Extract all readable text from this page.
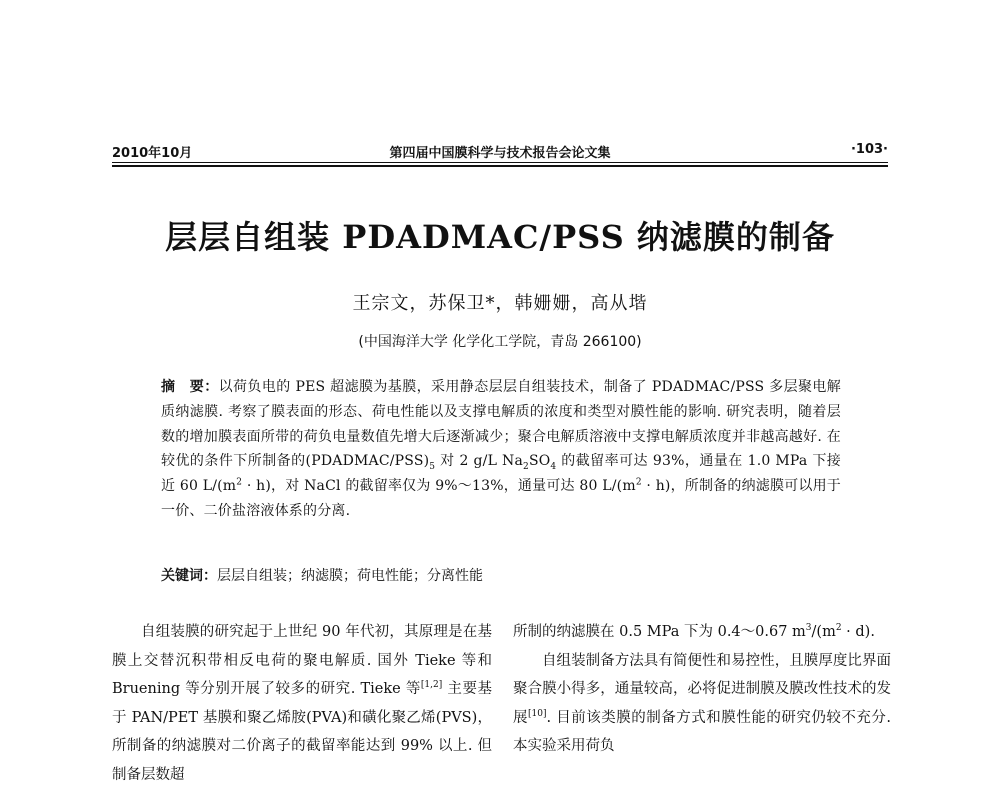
2010年10月	第四届中国膜科学与技术报告会论文集	·103·
层层自组装 PDADMAC/PSS 纳滤膜的制备
王宗文，苏保卫*，韩姗姗，高从堦
(中国海洋大学 化学化工学院，青岛 266100)
摘　要：以荷负电的 PES 超滤膜为基膜，采用静态层层自组装技术，制备了 PDADMAC/PSS 多层聚电解质纳滤膜. 考察了膜表面的形态、荷电性能以及支撑电解质的浓度和类型对膜性能的影响. 研究表明，随着层数的增加膜表面所带的荷负电量数值先增大后逐渐减少；聚合电解质溶液中支撑电解质浓度并非越高越好. 在较优的条件下所制备的$(PDADMAC/PSS)_5$ 对 2 g/L $Na_2SO_4$ 的截留率可达 93%，通量在 1.0 MPa 下接近 60 $L/(m^2 \cdot h)$，对 NaCl 的截留率仅为 9%～13%，通量可达 80 $L/(m^2 \cdot h)$，所制备的纳滤膜可以用于一价、二价盐溶液体系的分离.
关键词：层层自组装；纳滤膜；荷电性能；分离性能

自组装膜的研究起于上世纪 90 年代初，其原理是在基膜上交替沉积带相反电荷的聚电解质. 国外 Tieke 等和 Bruening 等分别开展了较多的研究. Tieke 等[1,2] 主要基于 PAN/PET 基膜和聚乙烯胺(PVA)和磺化聚乙烯(PVS)，所制备的纳滤膜对二价离子的截留率能达到 99% 以上. 但制备层数超

所制的纳滤膜在 0.5 MPa 下为 0.4～0.67 $m^3/(m^2 \cdot d)$.

自组装制备方法具有简便性和易控性，且膜厚度比界面聚合膜小得多，通量较高，必将促进制膜及膜改性技术的发展[10]. 目前该类膜的制备方式和膜性能的研究仍较不充分. 本实验采用荷负
